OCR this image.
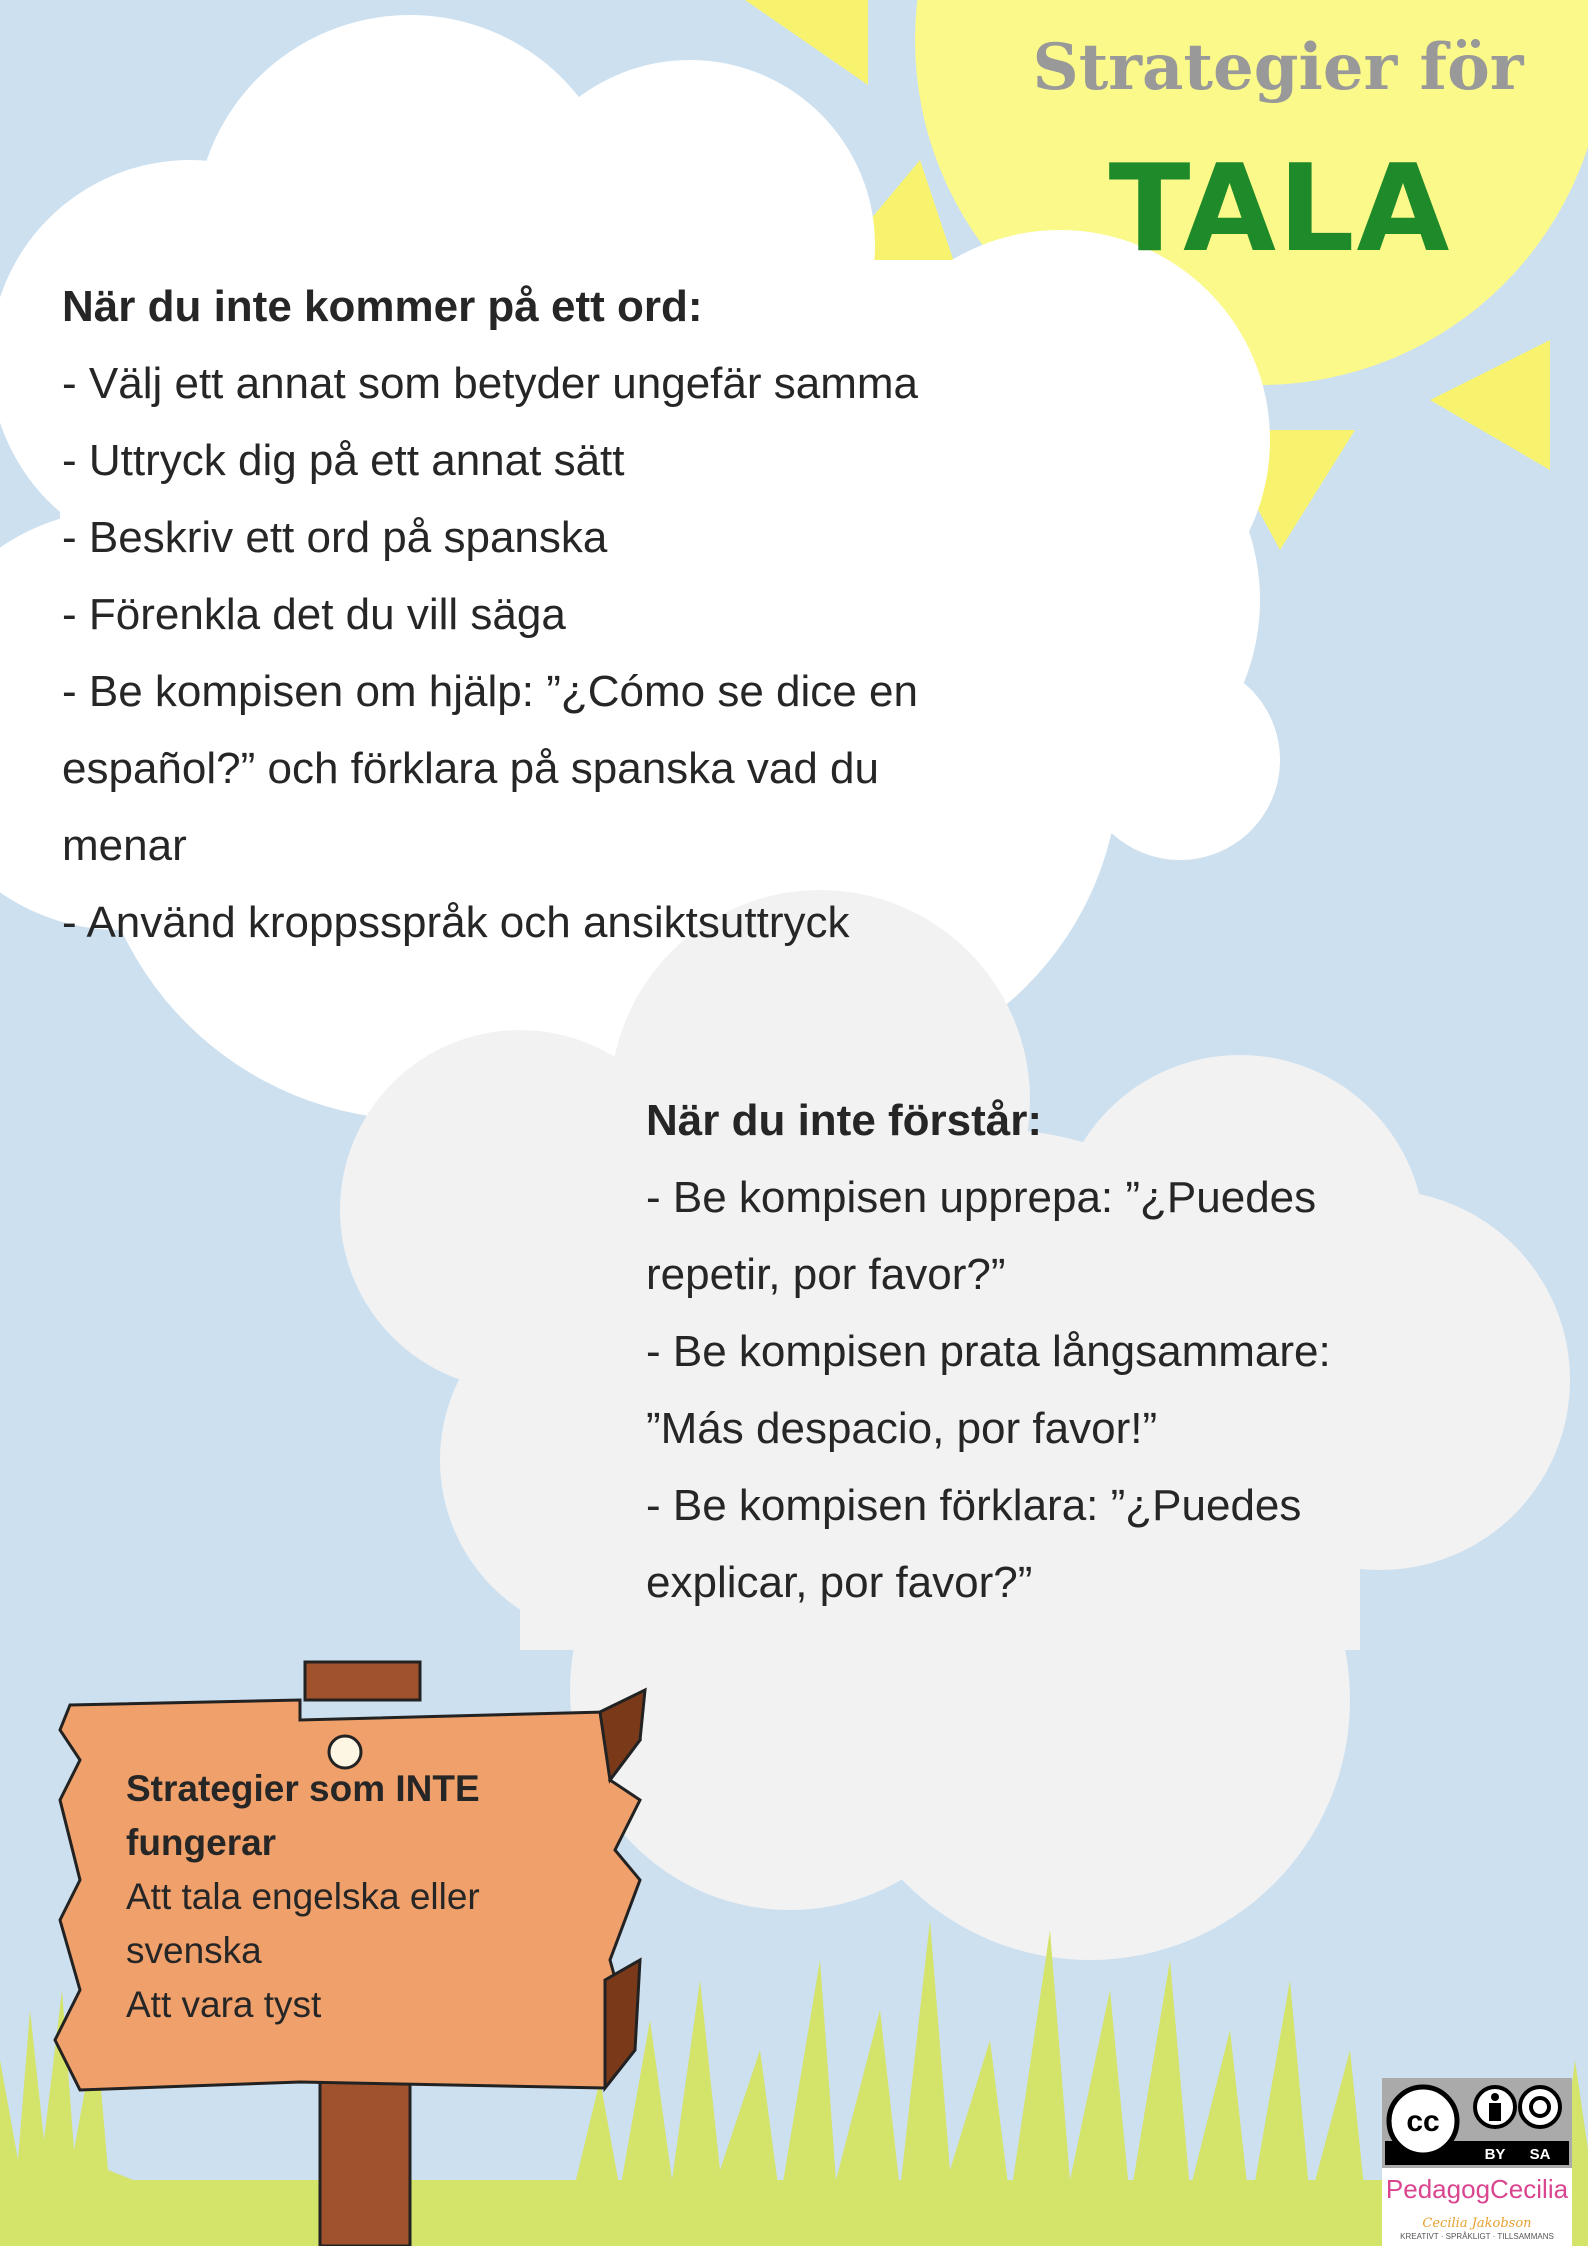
Strategier för
TALA
När du inte kommer på ett ord:
- Välj ett annat som betyder ungefär samma
- Uttryck dig på ett annat sätt
- Beskriv ett ord på spanska
- Förenkla det du vill säga
- Be kompisen om hjälp: ”¿Cómo se dice en
español?” och förklara på spanska vad du
menar
- Använd kroppsspråk och ansiktsuttryck
När du inte förstår:
- Be kompisen upprepa: ”¿Puedes
repetir, por favor?”
- Be kompisen prata långsammare:
”Más despacio, por favor!”
- Be kompisen förklara: ”¿Puedes
explicar, por favor?”
Strategier som INTE
fungerar
Att tala engelska eller
svenska
Att vara tyst
cc
BY SA
PedagogCecilia
Cecilia Jakobson
KREATIVT · SPRÅKLIGT · TILLSAMMANS
